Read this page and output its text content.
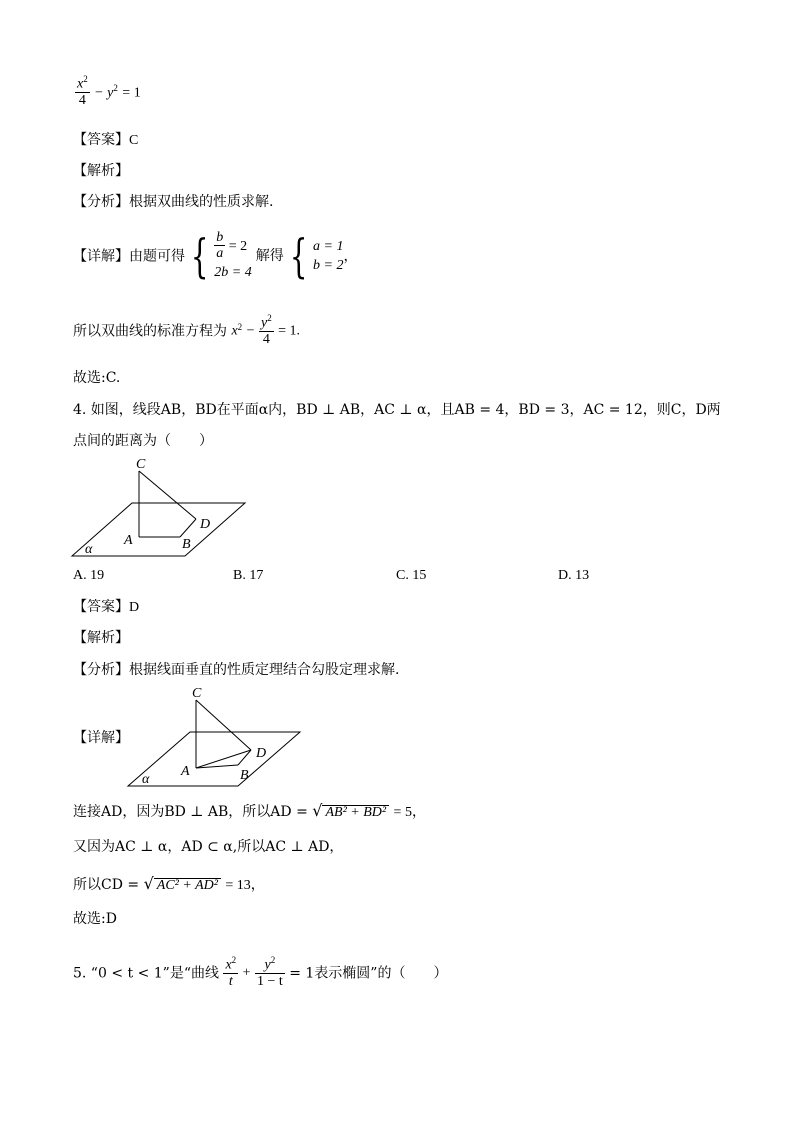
$\frac{x^2}{4} - y^2 = 1$
【答案】C
【解析】
【分析】根据双曲线的性质求解.
【详解】由题可得 { $\frac{b}{a} = 2$
2b = 4
解得 { a = 1
b = 2
，
所以双曲线的标准方程为 $x^2 - \frac{y^2}{4} = 1$.
故选:C.
4. 如图，线段AB，BD在平面α内，BD ⊥ AB，AC ⊥ α，且AB = 4，BD = 3，AC = 12，则C，D两
点间的距离为（　　）
C
D
A	B
α
A. 19	B. 17	C. 15	D. 13
【答案】D
【解析】
【分析】根据线面垂直的性质定理结合勾股定理求解.
【详解】
C
D
A	B
α
连接AD，因为BD ⊥ AB，所以AD = √ AB² + BD² = 5，
又因为AC ⊥ α，AD ⊂ α,所以AC ⊥ AD，
所以CD = √ AC² + AD² = 13，
故选:D
5. “0 < t < 1”是“曲线 $\frac{x^2}{t} + \frac{y^2}{1 - t} = 1$表示椭圆”的（　　）
